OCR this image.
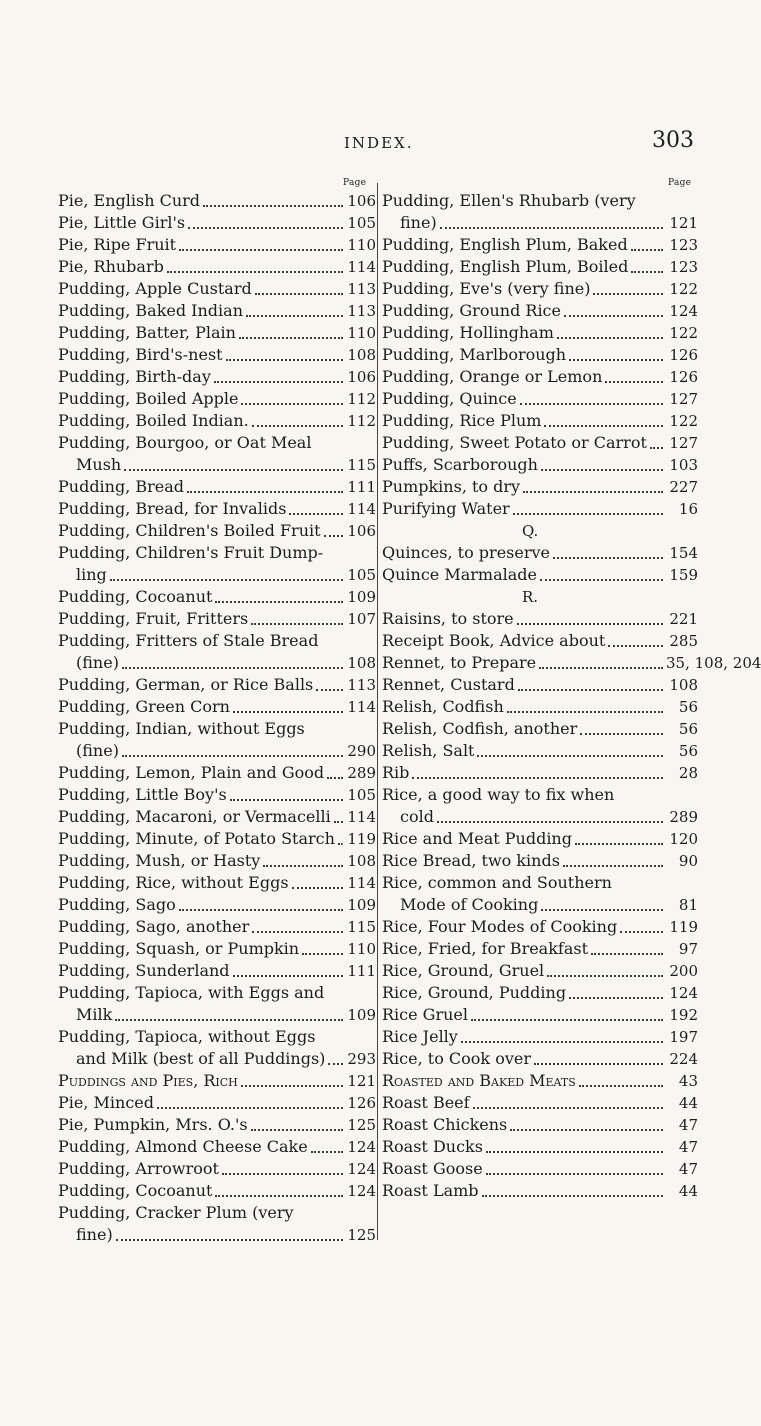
INDEX.	303
Page	Page
Pie, English Curd	106
Pie, Little Girl's	105
Pie, Ripe Fruit	110
Pie, Rhubarb	114
Pudding, Apple Custard	113
Pudding, Baked Indian	113
Pudding, Batter, Plain	110
Pudding, Bird's-nest	108
Pudding, Birth-day	106
Pudding, Boiled Apple	112
Pudding, Boiled Indian.	112
Pudding, Bourgoo, or Oat Meal
Mush	115
Pudding, Bread	111
Pudding, Bread, for Invalids	114
Pudding, Children's Boiled Fruit 106
Pudding, Children's Fruit Dump-
ling	105
Pudding, Cocoanut	109
Pudding, Fruit, Fritters	107
Pudding, Fritters of Stale Bread
(fine)	108
Pudding, German, or Rice Balls 113
Pudding, Green Corn	114
Pudding, Indian, without Eggs
(fine)	290
Pudding, Lemon, Plain and Good 289
Pudding, Little Boy's	105
Pudding, Macaroni, or Vermacelli 114
Pudding, Minute, of Potato Starch 119
Pudding, Mush, or Hasty	108
Pudding, Rice, without Eggs	114
Pudding, Sago	109
Pudding, Sago, another	115
Pudding, Squash, or Pumpkin	110
Pudding, Sunderland	111
Pudding, Tapioca, with Eggs and
Milk	109
Pudding, Tapioca, without Eggs
and Milk (best of all Puddings) 293
Puddings and Pies, Rich	121
Pie, Minced	126
Pie, Pumpkin, Mrs. O.'s	125
Pudding, Almond Cheese Cake	124
Pudding, Arrowroot	124
Pudding, Cocoanut	124
Pudding, Cracker Plum (very
fine)	125
Pudding, Ellen's Rhubarb (very
fine)	121
Pudding, English Plum, Baked	123
Pudding, English Plum, Boiled	123
Pudding, Eve's (very fine)	122
Pudding, Ground Rice	124
Pudding, Hollingham	122
Pudding, Marlborough	126
Pudding, Orange or Lemon	126
Pudding, Quince	127
Pudding, Rice Plum	122
Pudding, Sweet Potato or Carrot 127
Puffs, Scarborough	103
Pumpkins, to dry	227
Purifying Water	16
Q.
Quinces, to preserve	154
Quince Marmalade	159
R.
Raisins, to store	221
Receipt Book, Advice about	285
Rennet, to Prepare	35, 108, 204
Rennet, Custard	108
Relish, Codfish	56
Relish, Codfish, another	56
Relish, Salt	56
Rib	28
Rice, a good way to fix when
cold	289
Rice and Meat Pudding	120
Rice Bread, two kinds	90
Rice, common and Southern
Mode of Cooking	81
Rice, Four Modes of Cooking	119
Rice, Fried, for Breakfast	97
Rice, Ground, Gruel	200
Rice, Ground, Pudding	124
Rice Gruel	192
Rice Jelly	197
Rice, to Cook over	224
Roasted and Baked Meats	43
Roast Beef	44
Roast Chickens	47
Roast Ducks	47
Roast Goose	47
Roast Lamb	44
